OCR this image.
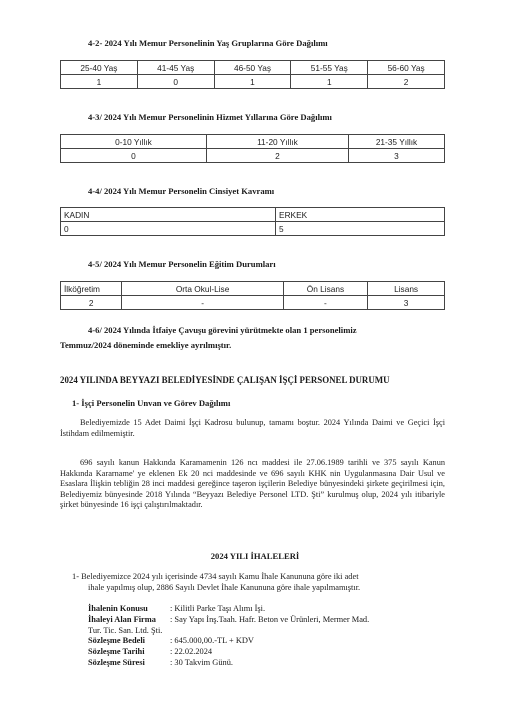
4-2- 2024 Yılı Memur Personelinin Yaş Gruplarına Göre Dağılımı
25-40 Yaş	41-45 Yaş	46-50 Yaş	51-55 Yaş	56-60 Yaş
1	0	1	1	2
4-3/ 2024 Yılı Memur Personelinin Hizmet Yıllarına Göre Dağılımı
0-10 Yıllık	11-20 Yıllık	21-35 Yıllık
0	2	3
4-4/ 2024 Yılı Memur Personelin Cinsiyet Kavramı
KADIN	ERKEK
0	5
4-5/ 2024 Yılı Memur Personelin Eğitim Durumları
İlköğretim	Orta Okul-Lise	Ön Lisans	Lisans
2	-	-	3
4-6/ 2024 Yılında İtfaiye Çavuşu görevini yürütmekte olan 1 personelimiz
Temmuz/2024 döneminde emekliye ayrılmıştır.
2024 YILINDA BEYYAZI BELEDİYESİNDE ÇALIŞAN İŞÇİ PERSONEL DURUMU
1- İşçi Personelin Unvan ve Görev Dağılımı
Belediyemizde 15 Adet Daimi İşçi Kadrosu bulunup, tamamı boştur. 2024 Yılında Daimi ve Geçici İşçi İstihdam edilmemiştir.
696 sayılı kanun Hakkında Karamamenin 126 ncı maddesi ile 27.06.1989 tarihli ve 375 sayılı Kanun Hakkında Kararname' ye eklenen Ek 20 nci maddesinde ve 696 sayılı KHK nin Uygulanmasına Dair Usul ve Esaslara İlişkin tebliğin 28 inci maddesi gereğince taşeron işçilerin Belediye bünyesindeki şirkete geçirilmesi için, Belediyemiz bünyesinde 2018 Yılında “Beyyazı Belediye Personel LTD. Şti” kurulmuş olup, 2024 yılı itibariyle şirket bünyesinde 16 işçi çalıştırılmaktadır.
2024 YILI İHALELERİ
1- Belediyemizce 2024 yılı içerisinde 4734 sayılı Kamu İhale Kanununa göre iki adet
ihale yapılmış olup, 2886 Sayılı Devlet İhale Kanununa göre ihale yapılmamıştır.
İhalenin Konusu	: Kilitli Parke Taşı Alımı İşi.
İhaleyi Alan Firma : Say Yapı İnş.Taah. Hafr. Beton ve Ürünleri, Mermer Mad.
Tur. Tic. San. Ltd. Şti.
Sözleşme Bedeli	: 645.000,00.-TL + KDV
Sözleşme Tarihi	: 22.02.2024
Sözleşme Süresi	: 30 Takvim Günü.
